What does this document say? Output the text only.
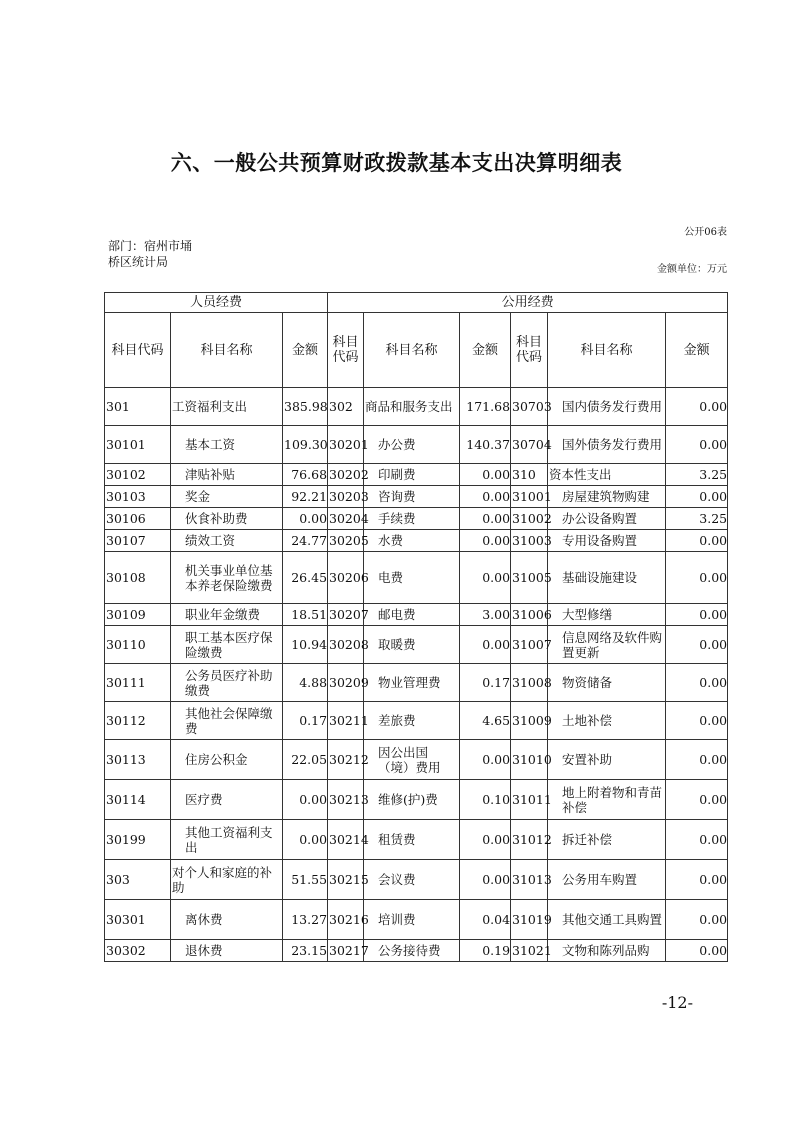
六、一般公共预算财政拨款基本支出决算明细表
公开06表
部门：宿州市埇桥区统计局
金额单位：万元
人员经费			公用经费					
科目代码	科目名称	金额	科目代码	科目名称	金额	科目代码	科目名称	金额
301	工资福利支出	385.98	302	商品和服务支出	171.68	30703	国内债务发行费用	0.00
30101	基本工资	109.30	30201	办公费	140.37	30704	国外债务发行费用	0.00
30102	津贴补贴	76.68	30202	印刷费	0.00	310	资本性支出	3.25
30103	奖金	92.21	30203	咨询费	0.00	31001	房屋建筑物购建	0.00
30106	伙食补助费	0.00	30204	手续费	0.00	31002	办公设备购置	3.25
30107	绩效工资	24.77	30205	水费	0.00	31003	专用设备购置	0.00
30108	机关事业单位基本养老保险缴费	26.45	30206	电费	0.00	31005	基础设施建设	0.00
30109	职业年金缴费	18.51	30207	邮电费	3.00	31006	大型修缮	0.00
30110	职工基本医疗保险缴费	10.94	30208	取暖费	0.00	31007	信息网络及软件购置更新	0.00
30111	公务员医疗补助缴费	4.88	30209	物业管理费	0.17	31008	物资储备	0.00
30112	其他社会保障缴费	0.17	30211	差旅费	4.65	31009	土地补偿	0.00
30113	住房公积金	22.05	30212	因公出国（境）费用	0.00	31010	安置补助	0.00
30114	医疗费	0.00	30213	维修(护)费	0.10	31011	地上附着物和青苗补偿	0.00
30199	其他工资福利支出	0.00	30214	租赁费	0.00	31012	拆迁补偿	0.00
303	对个人和家庭的补助	51.55	30215	会议费	0.00	31013	公务用车购置	0.00
30301	离休费	13.27	30216	培训费	0.04	31019	其他交通工具购置	0.00
30302	退休费	23.15	30217	公务接待费	0.19	31021	文物和陈列品购	0.00
-12-
